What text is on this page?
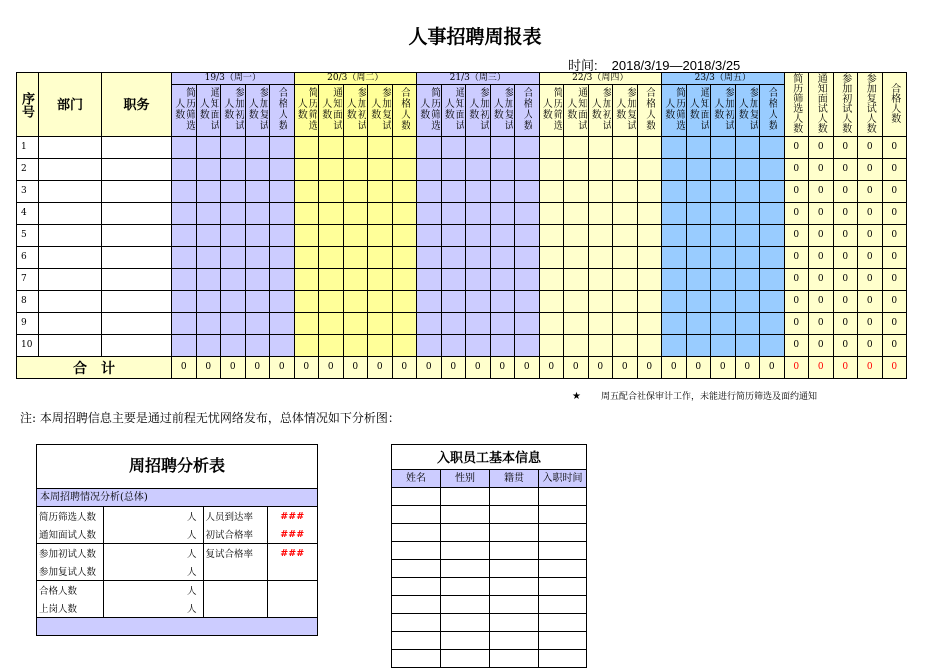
人事招聘周报表
时间: 2018/3/19—2018/3/25
序号	部门	职务	19/3（周一）					20/3（周二）					21/3（周三）					22/3（周四）					23/3（周五）					简历筛选人数	通知面试人数	参加初试人数	参加复试人数	合格人数
			简历筛选人数	通知面试人数	参加初试人数	参加复试人数	合格人数	简历筛选人数	通知面试人数	参加初试人数	参加复试人数	合格人数	简历筛选人数	通知面试人数	参加初试人数	参加复试人数	合格人数	简历筛选人数	通知面试人数	参加初试人数	参加复试人数	合格人数	简历筛选人数	通知面试人数	参加初试人数	参加复试人数	合格人数					
1																												0	0	0	0	0
2																												0	0	0	0	0
3																												0	0	0	0	0
4																												0	0	0	0	0
5																												0	0	0	0	0
6																												0	0	0	0	0
7																												0	0	0	0	0
8																												0	0	0	0	0
9																												0	0	0	0	0
10																												0	0	0	0	0
合　计			0	0	0	0	0	0	0	0	0	0	0	0	0	0	0	0	0	0	0	0	0	0	0	0	0	0	0	0	0	0
★ 周五配合社保审计工作，未能进行简历筛选及面约通知
注: 本周招聘信息主要是通过前程无忧网络发布，总体情况如下分析图：
周招聘分析表
本周招聘情况分析(总体)
简历筛选人数		人	人员到达率	###
通知面试人数		人	初试合格率	###
参加初试人数		人	复试合格率	###
参加复试人数		人		
合格人数		人		
上岗人数		人		
入职员工基本信息			
姓名	性别	籍贯	入职时间
